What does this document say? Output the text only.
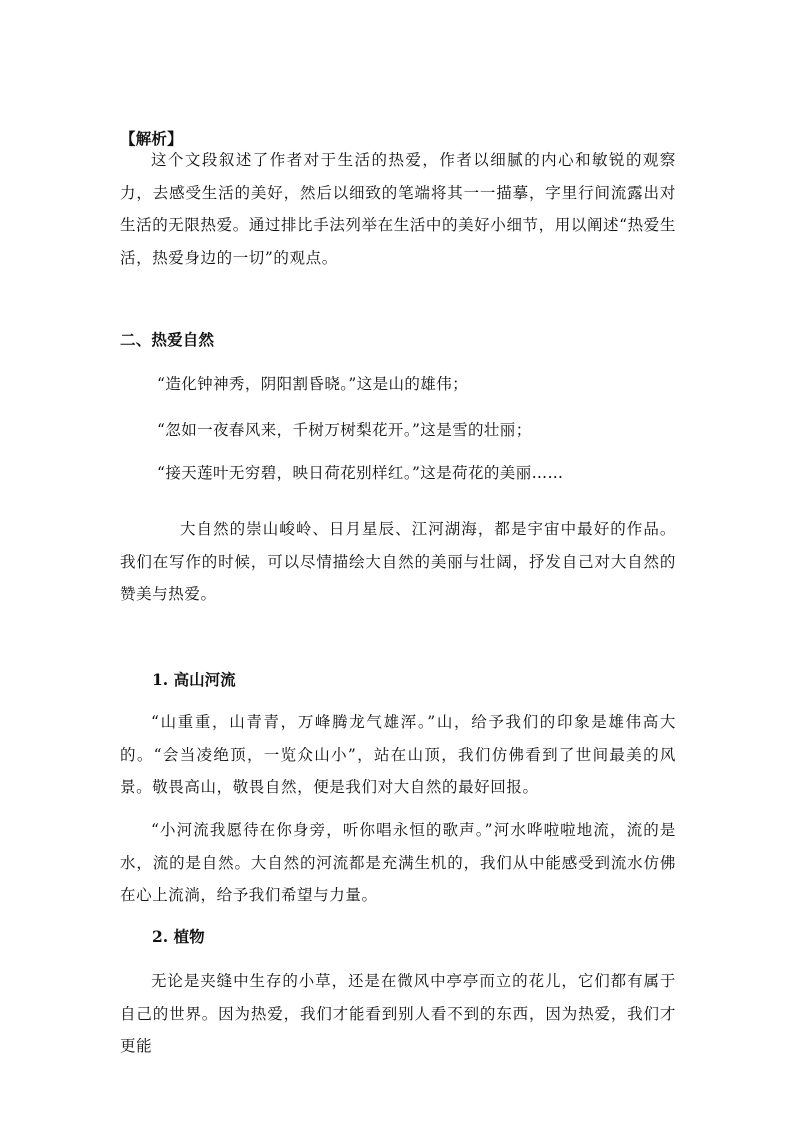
【解析】
这个文段叙述了作者对于生活的热爱，作者以细腻的内心和敏锐的观察力，去感受生活的美好，然后以细致的笔端将其一一描摹，字里行间流露出对生活的无限热爱。通过排比手法列举在生活中的美好小细节，用以阐述“热爱生活，热爱身边的一切”的观点。
二、热爱自然
“造化钟神秀，阴阳割昏晓。”这是山的雄伟；
“忽如一夜春风来，千树万树梨花开。”这是雪的壮丽；
“接天莲叶无穷碧，映日荷花别样红。”这是荷花的美丽……
大自然的崇山峻岭、日月星辰、江河湖海，都是宇宙中最好的作品。我们在写作的时候，可以尽情描绘大自然的美丽与壮阔，抒发自己对大自然的赞美与热爱。
1. 高山河流
“山重重，山青青，万峰腾龙气雄浑。”山，给予我们的印象是雄伟高大的。“会当凌绝顶，一览众山小”，站在山顶，我们仿佛看到了世间最美的风景。敬畏高山，敬畏自然，便是我们对大自然的最好回报。
“小河流我愿待在你身旁，听你唱永恒的歌声。”河水哗啦啦地流，流的是水，流的是自然。大自然的河流都是充满生机的，我们从中能感受到流水仿佛在心上流淌，给予我们希望与力量。
2. 植物
无论是夹缝中生存的小草，还是在微风中亭亭而立的花儿，它们都有属于自己的世界。因为热爱，我们才能看到别人看不到的东西，因为热爱，我们才更能
